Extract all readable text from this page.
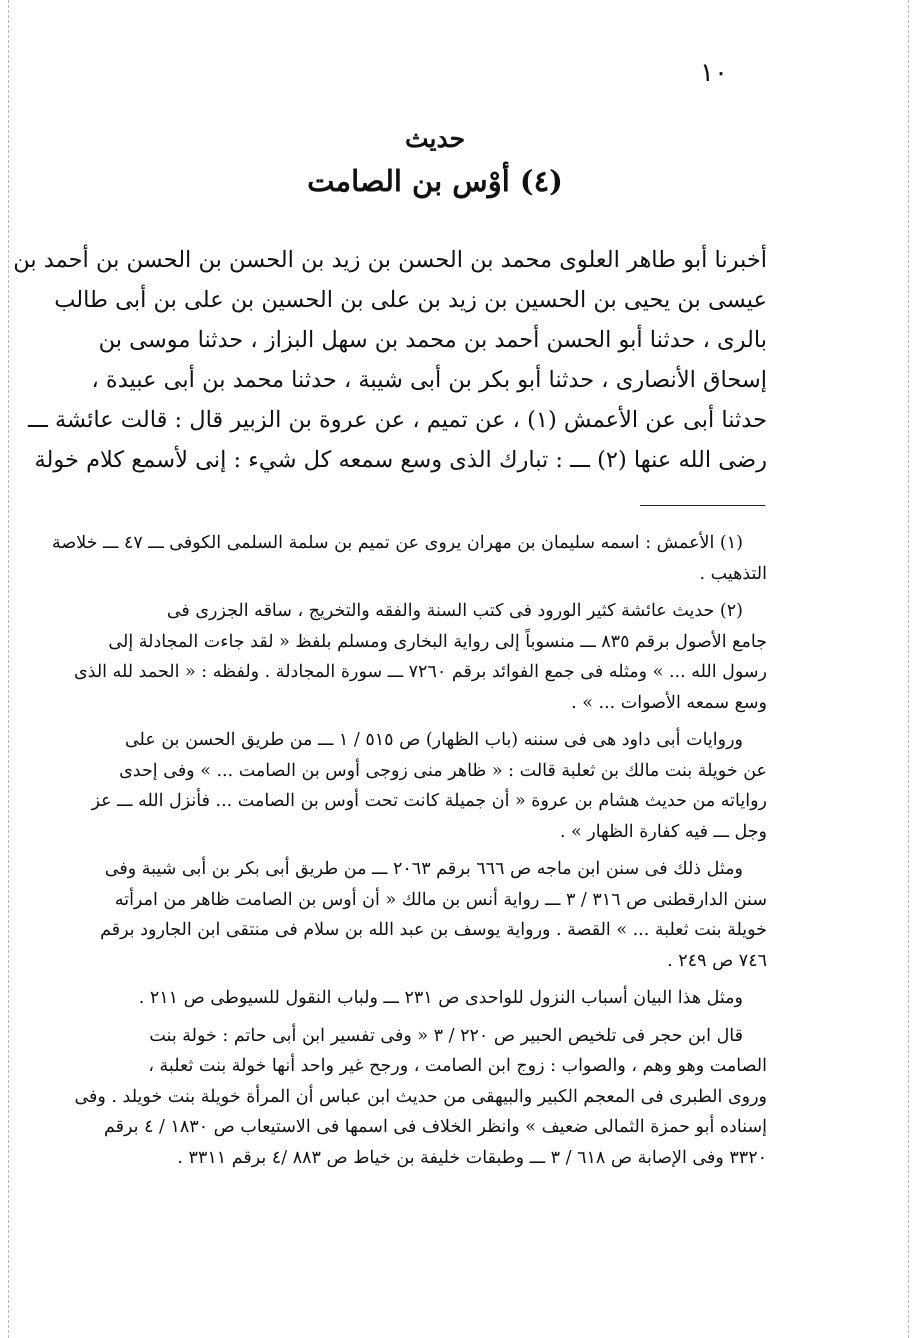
١٠
حديث
(٤) أوْس بن الصامت
أخبرنا أبو طاهر العلوى محمد بن الحسن بن زيد بن الحسن بن الحسن بن أحمد بن
عيسى بن يحيى بن الحسين بن زيد بن على بن الحسين بن على بن أبى طالب
بالرى ، حدثنا أبو الحسن أحمد بن محمد بن سهل البزاز ، حدثنا موسى بن
إسحاق الأنصارى ، حدثنا أبو بكر بن أبى شيبة ، حدثنا محمد بن أبى عبيدة ،
حدثنا أبى عن الأعمش (١) ، عن تميم ، عن عروة بن الزبير قال : قالت عائشة ـــ
رضى الله عنها (٢) ـــ : تبارك الذى وسع سمعه كل شيء : إنى لأسمع كلام خولة
(١) الأعمش : اسمه سليمان بن مهران يروى عن تميم بن سلمة السلمى الكوفى ـــ ٤٧ ـــ خلاصة
التذهيب .
(٢) حديث عائشة كثير الورود فى كتب السنة والفقه والتخريج ، ساقه الجزرى فى
جامع الأصول برقم ٨٣٥ ـــ منسوباً إلى رواية البخارى ومسلم بلفظ « لقد جاءت المجادلة إلى
رسول الله ... » ومثله فى جمع الفوائد برقم ٧٢٦٠ ـــ سورة المجادلة . ولفظه : « الحمد لله الذى
وسع سمعه الأصوات ... » .
وروايات أبى داود هى فى سننه (باب الظهار) ص ٥١٥ / ١ ـــ من طريق الحسن بن على
عن خويلة بنت مالك بن ثعلبة قالت : « ظاهر منى زوجى أوس بن الصامت ... » وفى إحدى
رواياته من حديث هشام بن عروة « أن جميلة كانت تحت أوس بن الصامت ... فأنزل الله ـــ عز
وجل ـــ فيه كفارة الظهار » .
ومثل ذلك فى سنن ابن ماجه ص ٦٦٦ برقم ٢٠٦٣ ـــ من طريق أبى بكر بن أبى شيبة وفى
سنن الدارقطنى ص ٣١٦ / ٣ ـــ رواية أنس بن مالك « أن أوس بن الصامت ظاهر من امرأته
خويلة بنت ثعلبة ... » القصة . ورواية يوسف بن عبد الله بن سلام فى منتقى ابن الجارود برقم
٧٤٦ ص ٢٤٩ .
ومثل هذا البيان أسباب النزول للواحدى ص ٢٣١ ـــ ولباب النقول للسيوطى ص ٢١١ .
قال ابن حجر فى تلخيص الحبير ص ٢٢٠ / ٣ « وفى تفسير ابن أبى حاتم : خولة بنت
الصامت وهو وهم ، والصواب : زوج ابن الصامت ، ورجح غير واحد أنها خولة بنت ثعلبة ،
وروى الطبرى فى المعجم الكبير والبيهقى من حديث ابن عباس أن المرأة خويلة بنت خويلد . وفى
إسناده أبو حمزة الثمالى ضعيف » وانظر الخلاف فى اسمها فى الاستيعاب ص ١٨٣٠ / ٤ برقم
٣٣٢٠ وفى الإصابة ص ٦١٨ / ٣ ـــ وطبقات خليفة بن خياط ص ٨٨٣ /٤ برقم ٣٣١١ .
